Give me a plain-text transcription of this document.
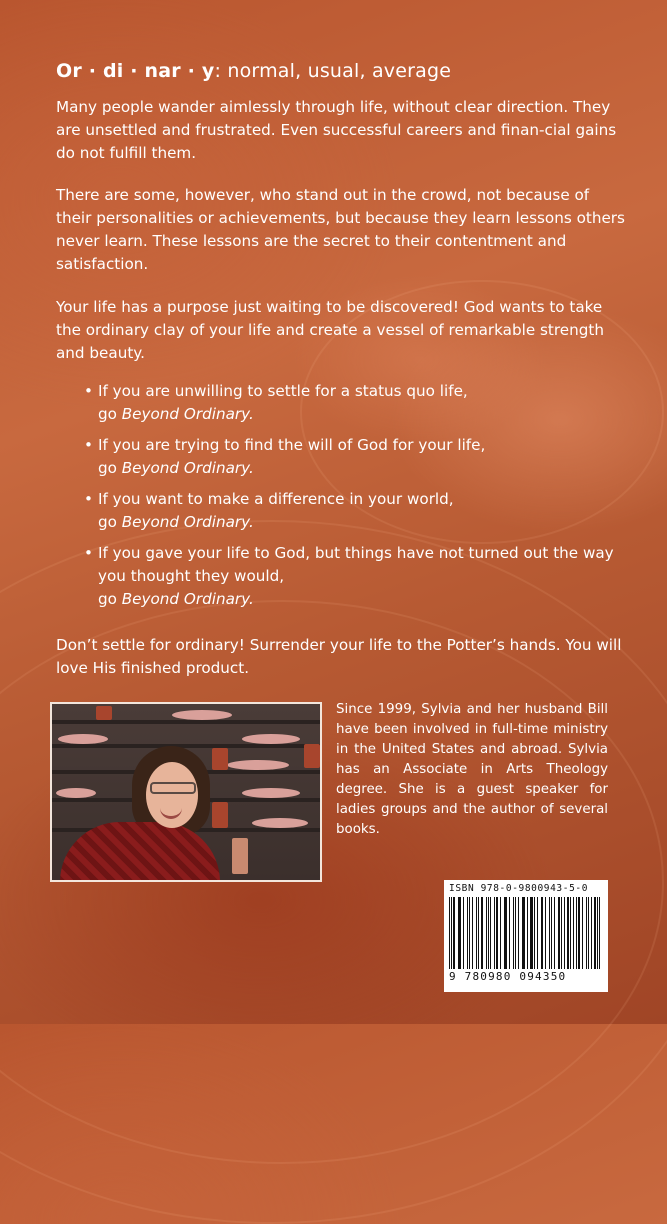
Or · di · nar · y: normal, usual, average

Many people wander aimlessly through life, without clear direction. They are unsettled and frustrated. Even successful careers and finan-cial gains do not fulfill them.

There are some, however, who stand out in the crowd, not because of their personalities or achievements, but because they learn lessons others never learn. These lessons are the secret to their contentment and satisfaction.

Your life has a purpose just waiting to be discovered! God wants to take the ordinary clay of your life and create a vessel of remarkable strength and beauty.

• If you are unwilling to settle for a status quo life,
go Beyond Ordinary.
• If you are trying to find the will of God for your life,
go Beyond Ordinary.
• If you want to make a difference in your world,
go Beyond Ordinary.
• If you gave your life to God, but things have not turned out the way you thought they would,
go Beyond Ordinary.

Don’t settle for ordinary! Surrender your life to the Potter’s hands. You will love His finished product.

Since 1999, Sylvia and her husband Bill have been involved in full-time ministry in the United States and abroad. Sylvia has an Associate in Arts Theology degree. She is a guest speaker for ladies groups and the author of several books.

ISBN 978-0-9800943-5-0
9 780980 094350
